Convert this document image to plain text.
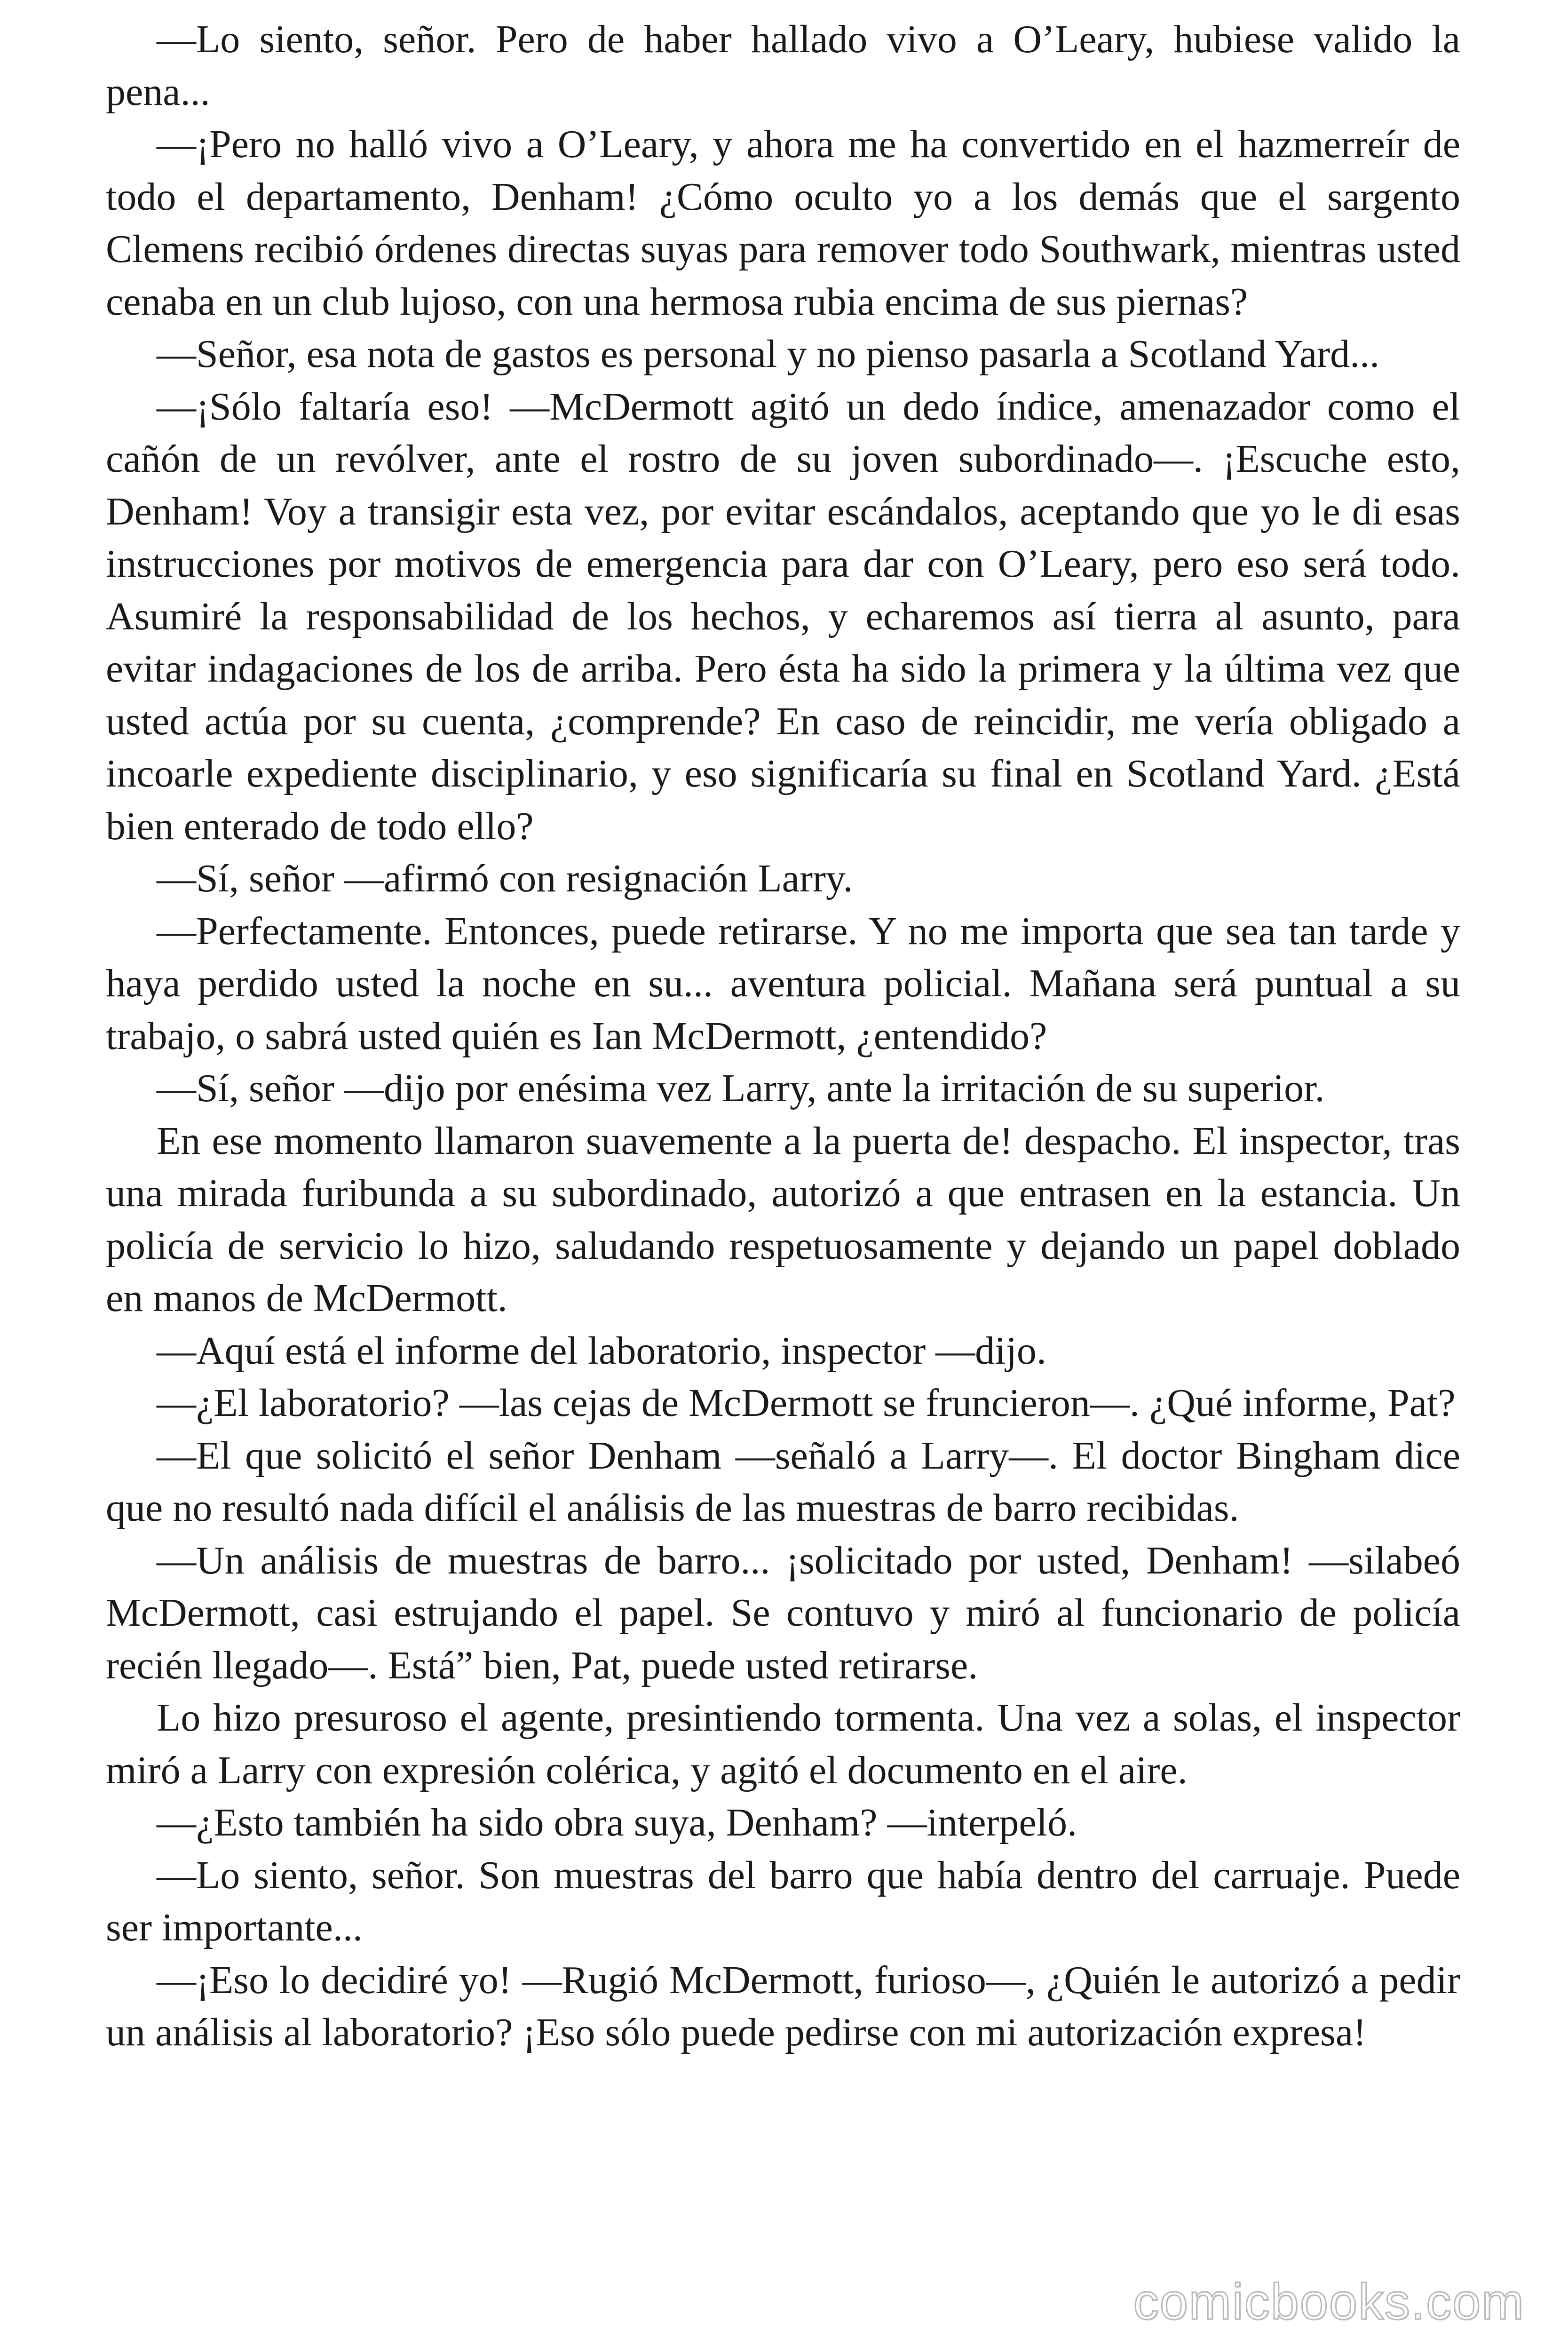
—Lo siento, señor. Pero de haber hallado vivo a O’Leary, hubiese valido la pena...

—¡Pero no halló vivo a O’Leary, y ahora me ha convertido en el hazmerreír de todo el departamento, Denham! ¿Cómo oculto yo a los demás que el sargento Clemens recibió órdenes directas suyas para remover todo Southwark, mientras usted cenaba en un club lujoso, con una hermosa rubia encima de sus piernas?

—Señor, esa nota de gastos es personal y no pienso pasarla a Scotland Yard...

—¡Sólo faltaría eso! —McDermott agitó un dedo índice, amenazador como el cañón de un revólver, ante el rostro de su joven subordinado—. ¡Escuche esto, Denham! Voy a transigir esta vez, por evitar escándalos, aceptando que yo le di esas instrucciones por motivos de emergencia para dar con O’Leary, pero eso será todo. Asumiré la responsabilidad de los hechos, y echaremos así tierra al asunto, para evitar indagaciones de los de arriba. Pero ésta ha sido la primera y la última vez que usted actúa por su cuenta, ¿comprende? En caso de reincidir, me vería obligado a incoarle expediente disciplinario, y eso significaría su final en Scotland Yard. ¿Está bien enterado de todo ello?

—Sí, señor —afirmó con resignación Larry.

—Perfectamente. Entonces, puede retirarse. Y no me importa que sea tan tarde y haya perdido usted la noche en su... aventura policial. Mañana será puntual a su trabajo, o sabrá usted quién es Ian McDermott, ¿entendido?

—Sí, señor —dijo por enésima vez Larry, ante la irritación de su superior.

En ese momento llamaron suavemente a la puerta de! despacho. El inspector, tras una mirada furibunda a su subordinado, autorizó a que entrasen en la estancia. Un policía de servicio lo hizo, saludando respetuosamente y dejando un papel doblado en manos de McDermott.

—Aquí está el informe del laboratorio, inspector —dijo.

—¿El laboratorio? —las cejas de McDermott se fruncieron—. ¿Qué informe, Pat?

—El que solicitó el señor Denham —señaló a Larry—. El doctor Bingham dice que no resultó nada difícil el análisis de las muestras de barro recibidas.

—Un análisis de muestras de barro... ¡solicitado por usted, Denham! —silabeó McDermott, casi estrujando el papel. Se contuvo y miró al funcionario de policía recién llegado—. Está” bien, Pat, puede usted retirarse.

Lo hizo presuroso el agente, presintiendo tormenta. Una vez a solas, el inspector miró a Larry con expresión colérica, y agitó el documento en el aire.

—¿Esto también ha sido obra suya, Denham? —interpeló.

—Lo siento, señor. Son muestras del barro que había dentro del carruaje. Puede ser importante...

—¡Eso lo decidiré yo! —Rugió McDermott, furioso—, ¿Quién le autorizó a pedir un análisis al laboratorio? ¡Eso sólo puede pedirse con mi autorización expresa!

comicbooks.com
